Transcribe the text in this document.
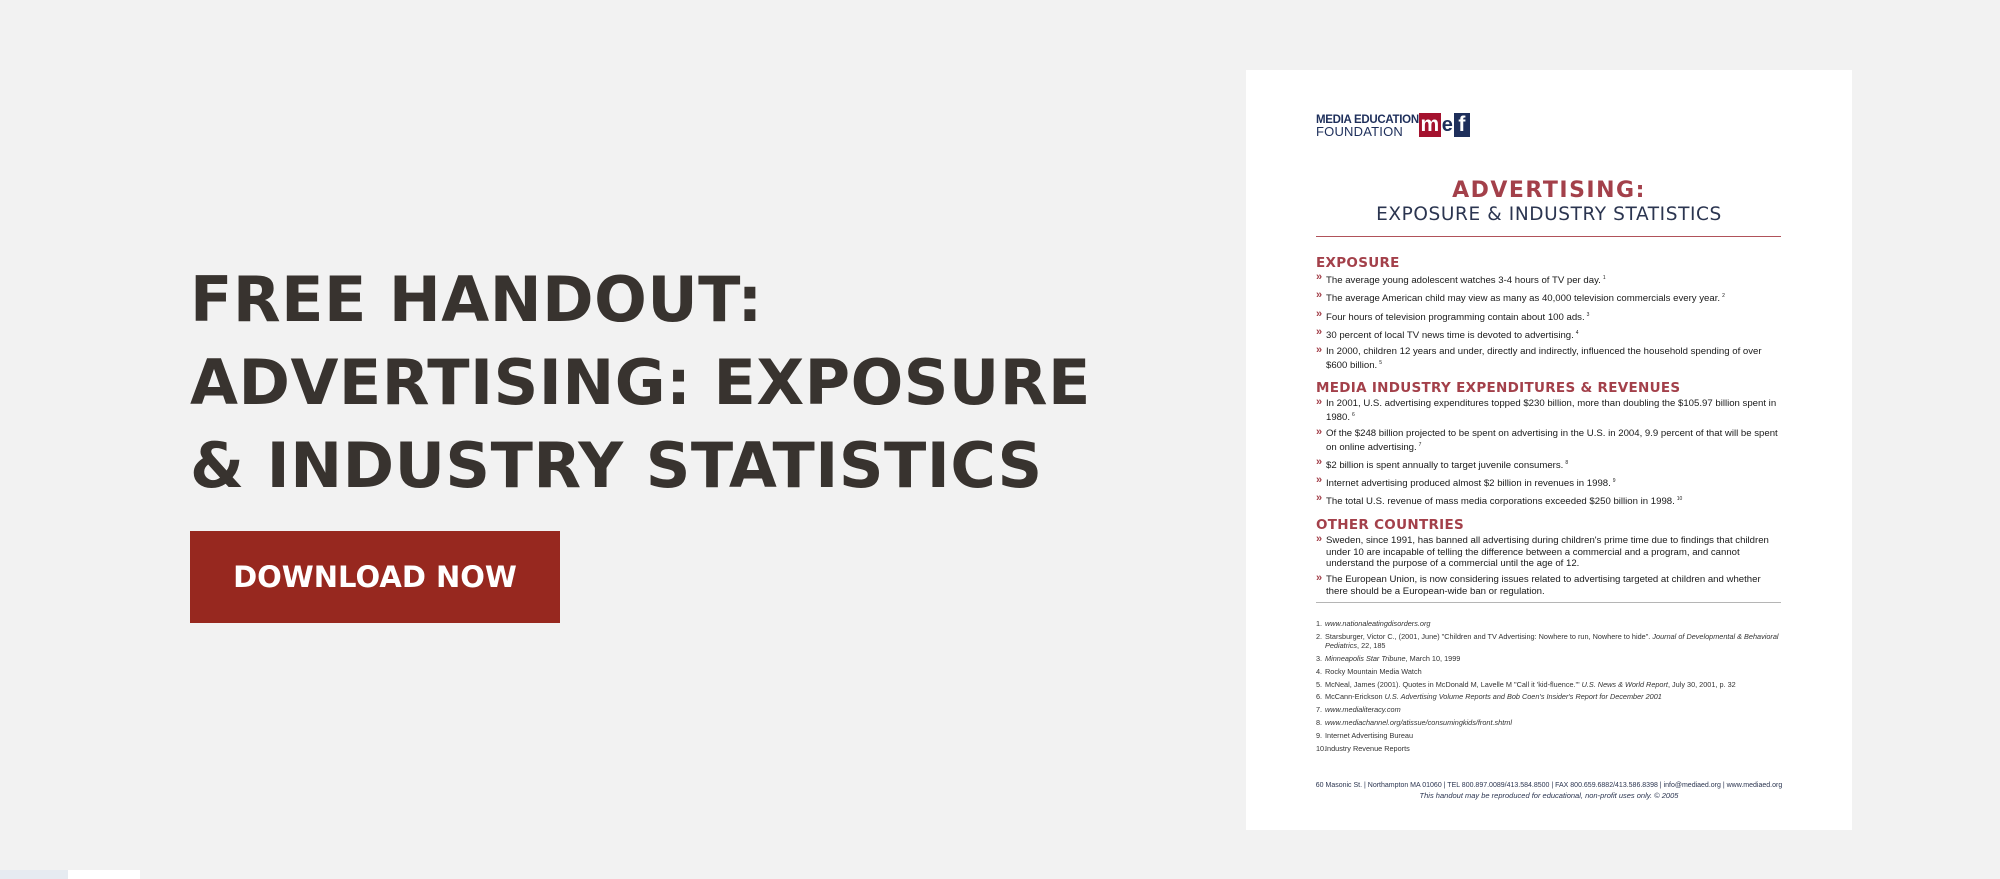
FREE HANDOUT:
ADVERTISING: EXPOSURE
& INDUSTRY STATISTICS
DOWNLOAD NOW
MEDIA EDUCATION
FOUNDATION m e f
ADVERTISING:
EXPOSURE & INDUSTRY STATISTICS
EXPOSURE
» The average young adolescent watches 3-4 hours of TV per day. $^1$
» The average American child may view as many as 40,000 television commercials every year. $^2$
» Four hours of television programming contain about 100 ads. $^3$
» 30 percent of local TV news time is devoted to advertising. $^4$
» In 2000, children 12 years and under, directly and indirectly, influenced the household spending of over $600 billion. $^5$
MEDIA INDUSTRY EXPENDITURES & REVENUES
» In 2001, U.S. advertising expenditures topped $230 billion, more than doubling the $105.97 billion spent in 1980. $^6$
» Of the $248 billion projected to be spent on advertising in the U.S. in 2004, 9.9 percent of that will be spent on online advertising. $^7$
» $2 billion is spent annually to target juvenile consumers. $^8$
» Internet advertising produced almost $2 billion in revenues in 1998. $^9$
» The total U.S. revenue of mass media corporations exceeded $250 billion in 1998. $^{10}$
OTHER COUNTRIES
» Sweden, since 1991, has banned all advertising during children's prime time due to findings that children under 10 are incapable of telling the difference between a commercial and a program, and cannot understand the purpose of a commercial until the age of 12.
» The European Union, is now considering issues related to advertising targeted at children and whether there should be a European-wide ban or regulation.
1. www.nationaleatingdisorders.org
2. Starsburger, Victor C., (2001, June) "Children and TV Advertising: Nowhere to run, Nowhere to hide". Journal of Developmental & Behavioral Pediatrics, 22, 185
3. Minneapolis Star Tribune, March 10, 1999
4. Rocky Mountain Media Watch
5. McNeal, James (2001). Quotes in McDonald M, Lavelle M "Call it 'kid-fluence.'" U.S. News & World Report, July 30, 2001, p. 32
6. McCann-Erickson U.S. Advertising Volume Reports and Bob Coen's Insider's Report for December 2001
7. www.medialiteracy.com
8. www.mediachannel.org/atissue/consumingkids/front.shtml
9. Internet Advertising Bureau
10.
Industry Revenue Reports
60 Masonic St. | Northampton MA 01060 | TEL 800.897.0089/413.584.8500 | FAX 800.659.6882/413.586.8398 | info@mediaed.org | www.mediaed.org
This handout may be reproduced for educational, non-profit uses only. © 2005
